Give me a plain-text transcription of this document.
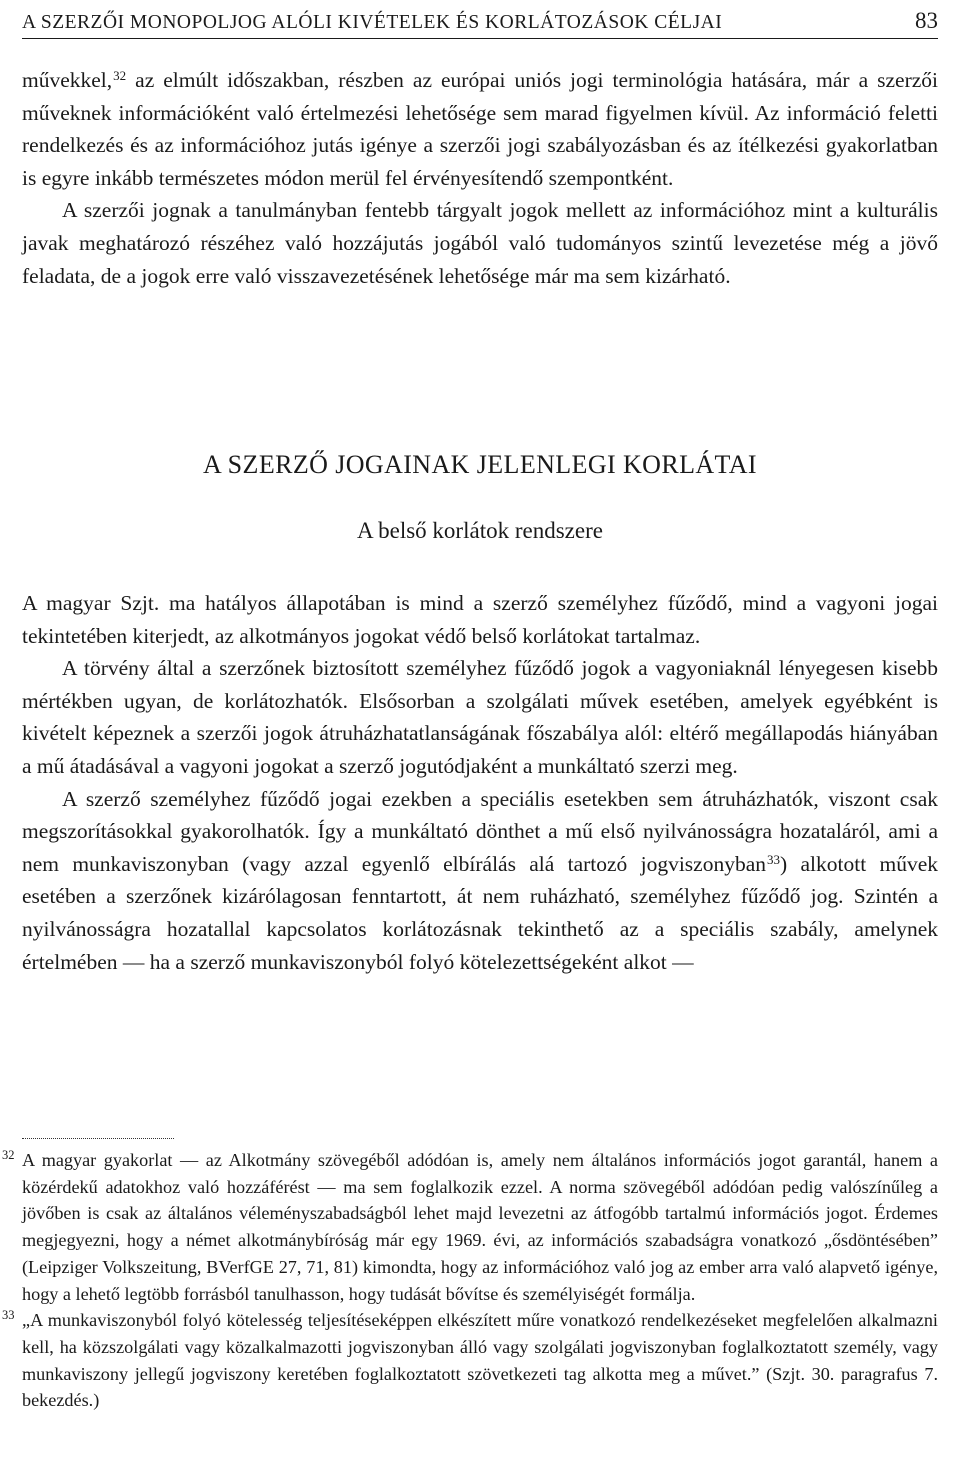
A SZERZŐI MONOPOLJOG ALÓLI KIVÉTELEK ÉS KORLÁTOZÁSOK CÉLJAI	83

művekkel,$^{32}$ az elmúlt időszakban, részben az európai uniós jogi terminológia hatására, már a szerzői műveknek információként való értelmezési lehetősége sem marad figyelmen kívül. Az információ feletti rendelkezés és az információhoz jutás igénye a szerzői jogi szabályozásban és az ítélkezési gyakorlatban is egyre inkább természetes módon merül fel érvényesítendő szempontként.

A szerzői jognak a tanulmányban fentebb tárgyalt jogok mellett az információhoz mint a kulturális javak meghatározó részéhez való hozzájutás jogából való tudományos szintű levezetése még a jövő feladata, de a jogok erre való visszavezetésének lehetősége már ma sem kizárható.

A SZERZŐ JOGAINAK JELENLEGI KORLÁTAI
A belső korlátok rendszere

A magyar Szjt. ma hatályos állapotában is mind a szerző személyhez fűződő, mind a vagyoni jogai tekintetében kiterjedt, az alkotmányos jogokat védő belső korlátokat tartalmaz.

A törvény által a szerzőnek biztosított személyhez fűződő jogok a vagyoniaknál lényegesen kisebb mértékben ugyan, de korlátozhatók. Elsősorban a szolgálati művek esetében, amelyek egyébként is kivételt képeznek a szerzői jogok átruházhatatlanságának főszabálya alól: eltérő megállapodás hiányában a mű átadásával a vagyoni jogokat a szerző jogutódjaként a munkáltató szerzi meg.

A szerző személyhez fűződő jogai ezekben a speciális esetekben sem átruházhatók, viszont csak megszorításokkal gyakorolhatók. Így a munkáltató dönthet a mű első nyilvánosságra hozataláról, ami a nem munkaviszonyban (vagy azzal egyenlő elbírálás alá tartozó jogviszonyban$^{33}$) alkotott művek esetében a szerzőnek kizárólagosan fenntartott, át nem ruházható, személyhez fűződő jog. Szintén a nyilvánosságra hozatallal kapcsolatos korlátozásnak tekinthető az a speciális szabály, amelynek értelmében — ha a szerző munkaviszonyból folyó kötelezettségeként alkot —

32 A magyar gyakorlat — az Alkotmány szövegéből adódóan is, amely nem általános információs jogot garantál, hanem a közérdekű adatokhoz való hozzáférést — ma sem foglalkozik ezzel. A norma szövegéből adódóan pedig valószínűleg a jövőben is csak az általános véleményszabadságból lehet majd levezetni az átfogóbb tartalmú információs jogot. Érdemes megjegyezni, hogy a német alkotmánybíróság már egy 1969. évi, az információs szabadságra vonatkozó „ősdöntésében” (Leipziger Volkszeitung, BVerfGE 27, 71, 81) kimondta, hogy az információhoz való jog az ember arra való alapvető igénye, hogy a lehető legtöbb forrásból tanulhasson, hogy tudását bővítse és személyiségét formálja.

33 „A munkaviszonyból folyó kötelesség teljesítéseképpen elkészített műre vonatkozó rendelkezéseket megfelelően alkalmazni kell, ha közszolgálati vagy közalkalmazotti jogviszonyban álló vagy szolgálati jogviszonyban foglalkoztatott személy, vagy munkaviszony jellegű jogviszony keretében foglalkoztatott szövetkezeti tag alkotta meg a művet.” (Szjt. 30. paragrafus 7. bekezdés.)
